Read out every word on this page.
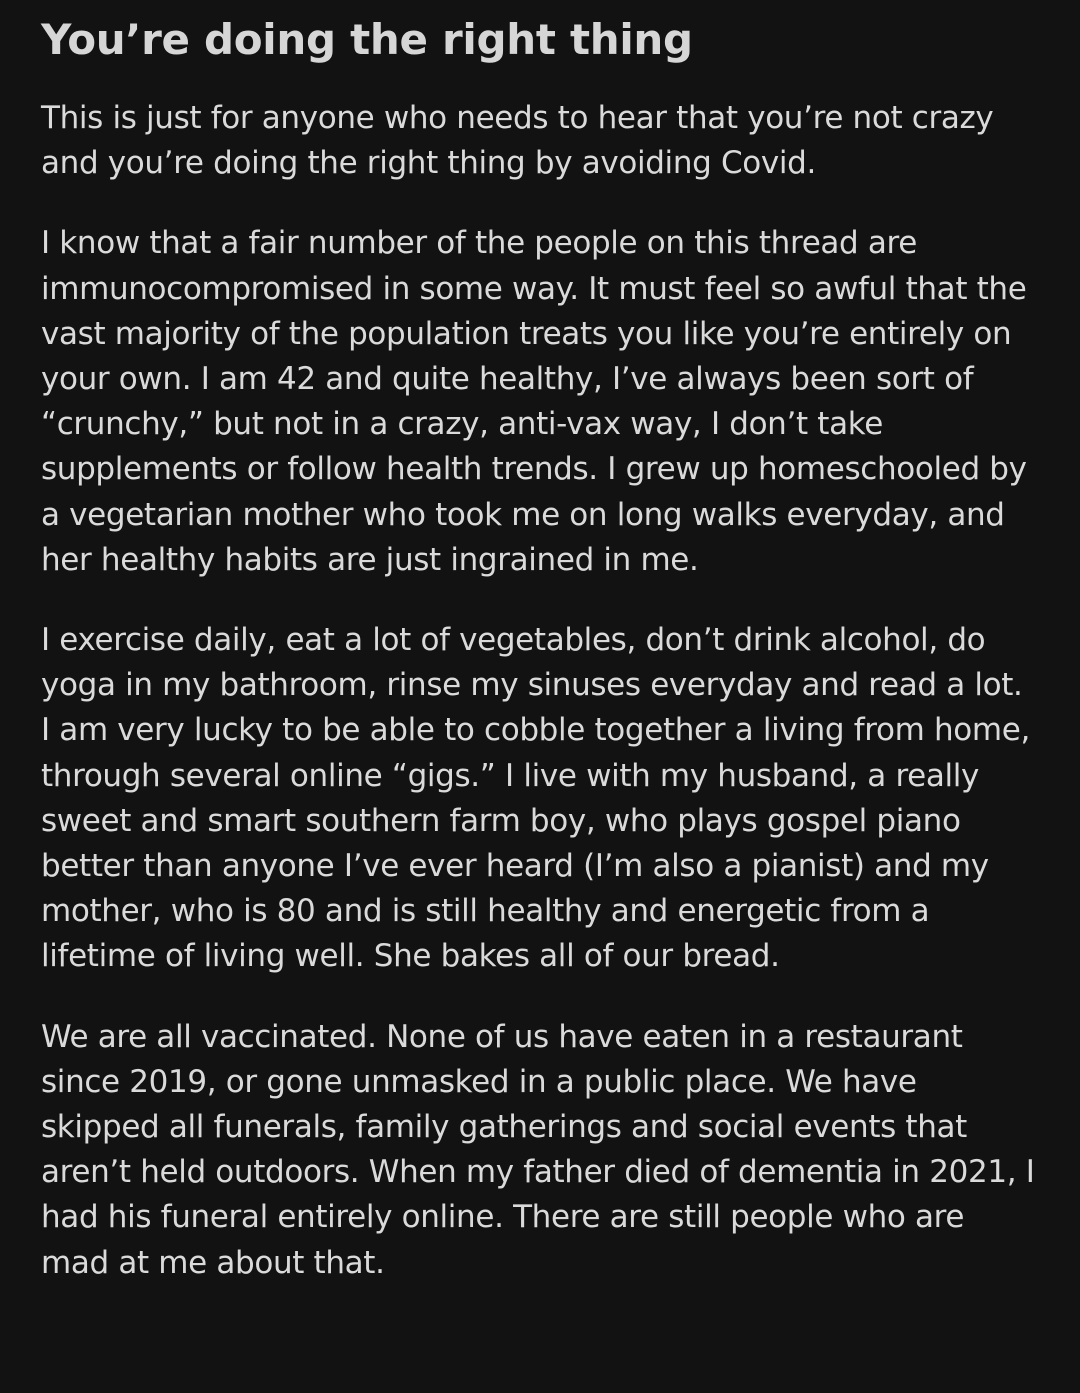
You’re doing the right thing

This is just for anyone who needs to hear that you’re not crazy and you’re doing the right thing by avoiding Covid.

I know that a fair number of the people on this thread are immunocompromised in some way. It must feel so awful that the vast majority of the population treats you like you’re entirely on your own. I am 42 and quite healthy, I’ve always been sort of “crunchy,” but not in a crazy, anti-vax way, I don’t take supplements or follow health trends. I grew up homeschooled by a vegetarian mother who took me on long walks everyday, and her healthy habits are just ingrained in me.

I exercise daily, eat a lot of vegetables, don’t drink alcohol, do yoga in my bathroom, rinse my sinuses everyday and read a lot. I am very lucky to be able to cobble together a living from home, through several online “gigs.” I live with my husband, a really sweet and smart southern farm boy, who plays gospel piano better than anyone I’ve ever heard (I’m also a pianist) and my mother, who is 80 and is still healthy and energetic from a lifetime of living well. She bakes all of our bread.

We are all vaccinated. None of us have eaten in a restaurant since 2019, or gone unmasked in a public place. We have skipped all funerals, family gatherings and social events that aren’t held outdoors. When my father died of dementia in 2021, I had his funeral entirely online. There are still people who are mad at me about that.
